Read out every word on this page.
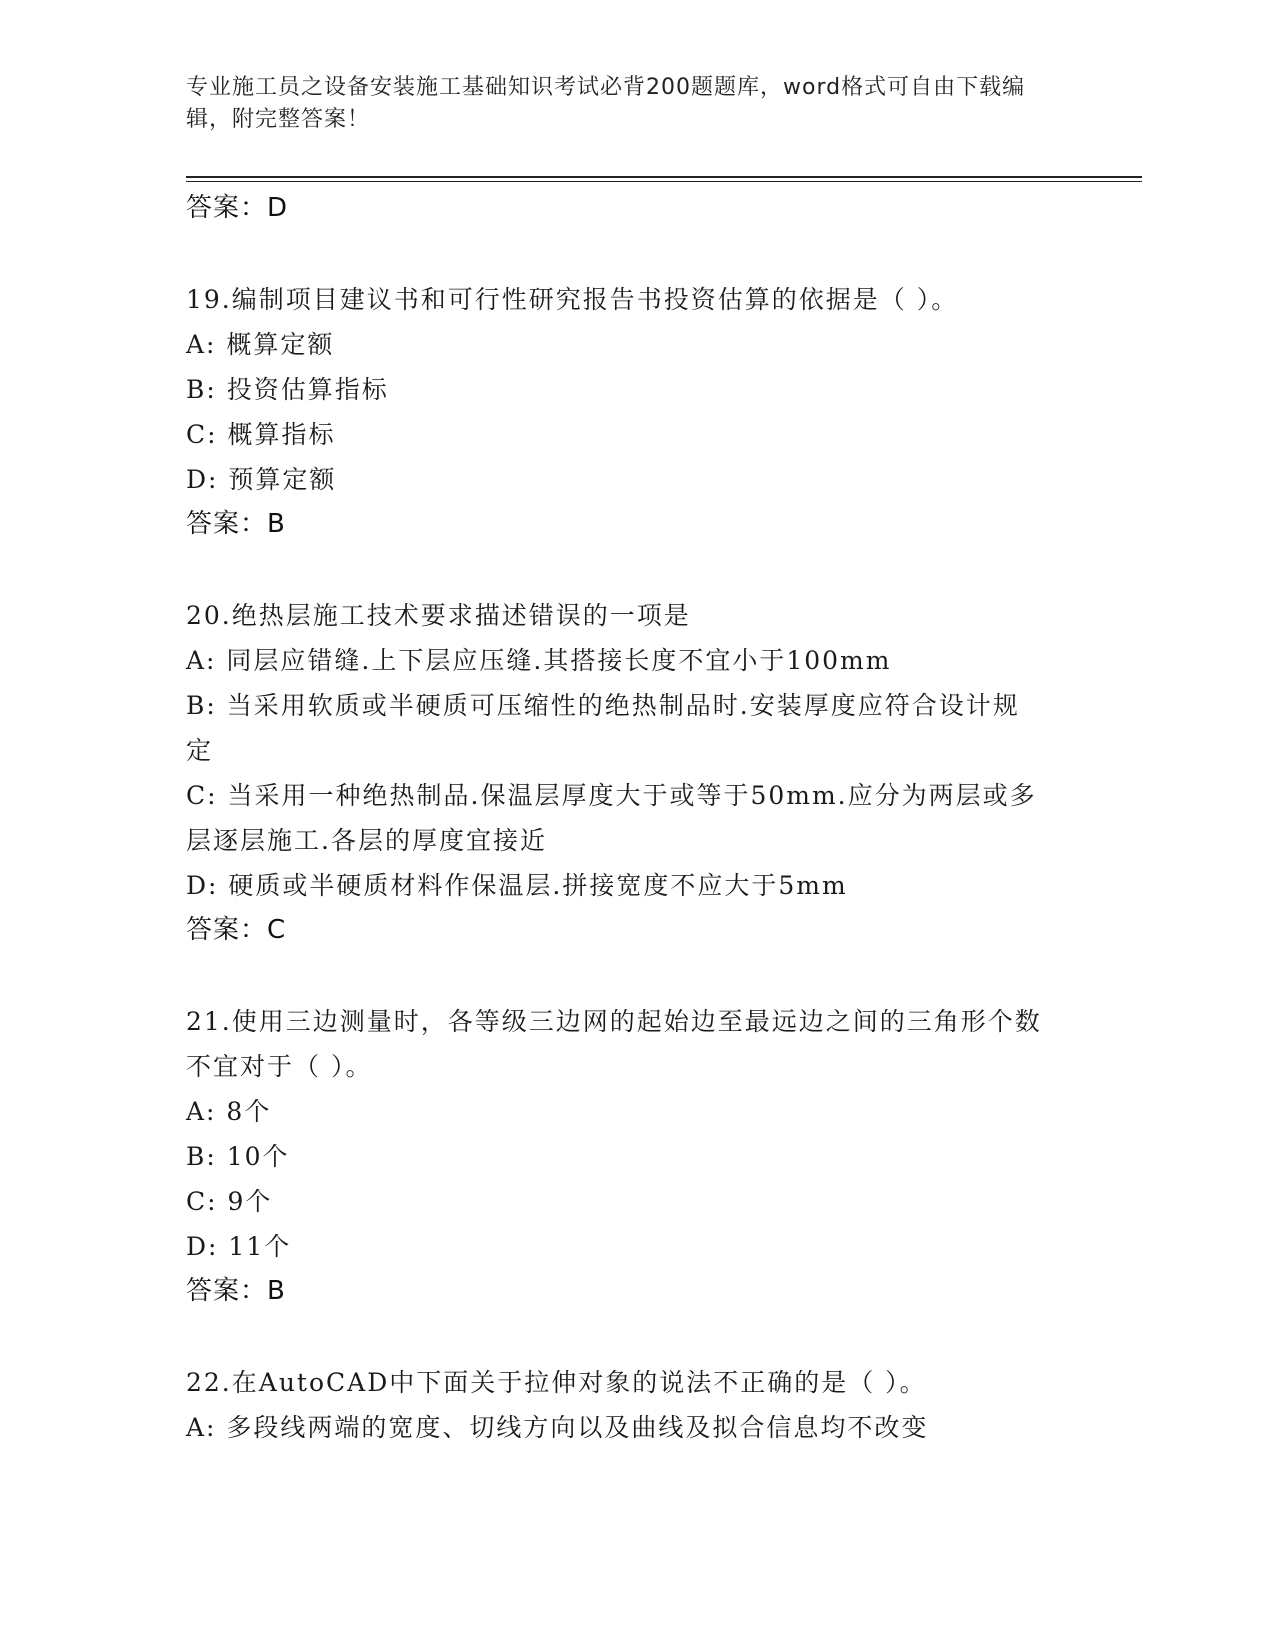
专业施工员之设备安装施工基础知识考试必背200题题库，word格式可自由下载编辑，附完整答案！
答案：D
19.编制项目建议书和可行性研究报告书投资估算的依据是（ ）。
A: 概算定额
B: 投资估算指标
C: 概算指标
D: 预算定额
答案：B
20.绝热层施工技术要求描述错误的一项是
A: 同层应错缝.上下层应压缝.其搭接长度不宜小于100mm
B: 当采用软质或半硬质可压缩性的绝热制品时.安装厚度应符合设计规定
C: 当采用一种绝热制品.保温层厚度大于或等于50mm.应分为两层或多层逐层施工.各层的厚度宜接近
D: 硬质或半硬质材料作保温层.拼接宽度不应大于5mm
答案：C
21.使用三边测量时，各等级三边网的起始边至最远边之间的三角形个数不宜对于（ ）。
A: 8个
B: 10个
C: 9个
D: 11个
答案：B
22.在AutoCAD中下面关于拉伸对象的说法不正确的是（ ）。
A: 多段线两端的宽度、切线方向以及曲线及拟合信息均不改变
